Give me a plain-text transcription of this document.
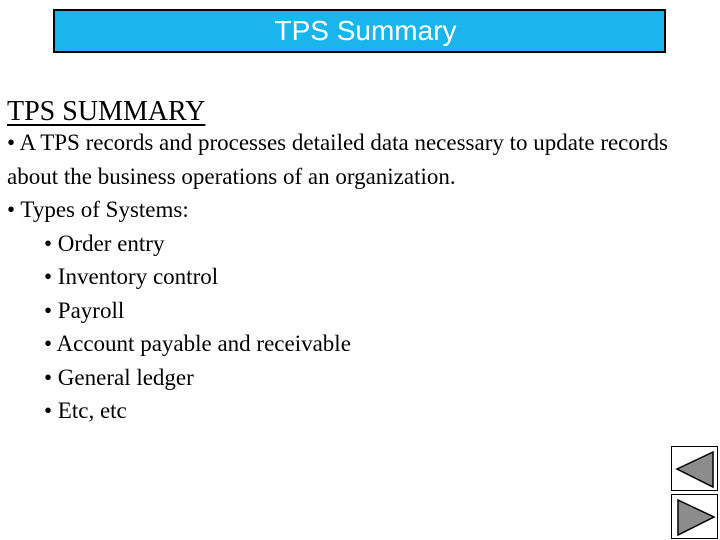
TPS Summary

TPS SUMMARY

• A TPS records and processes detailed data necessary to update records about the business operations of an organization.

• Types of Systems:

• Order entry

• Inventory control

• Payroll

• Account payable and receivable

• General ledger

• Etc, etc
